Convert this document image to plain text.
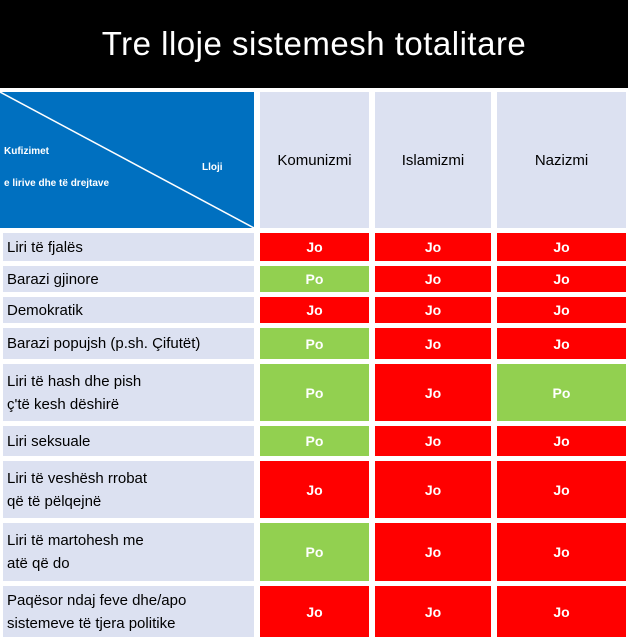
Tre lloje sistemesh totalitare
Kufizimet
e lirive dhe të drejtave
Lloji	Komunizmi	Islamizmi	Nazizmi
Liri të fjalës	Jo	Jo	Jo
Barazi gjinore	Po	Jo	Jo
Demokratik	Jo	Jo	Jo
Barazi popujsh (p.sh. Çifutët)	Po	Jo	Jo
Liri të hash dhe pish
ç'të kesh dëshirë
Po	Jo	Po
Liri seksuale	Po	Jo	Jo
Liri të veshësh rrobat
që të pëlqejnë
Jo	Jo	Jo
Liri të martohesh me
atë që do
Po	Jo	Jo
Paqësor ndaj feve dhe/apo
sistemeve të tjera politike
Jo	Jo	Jo
